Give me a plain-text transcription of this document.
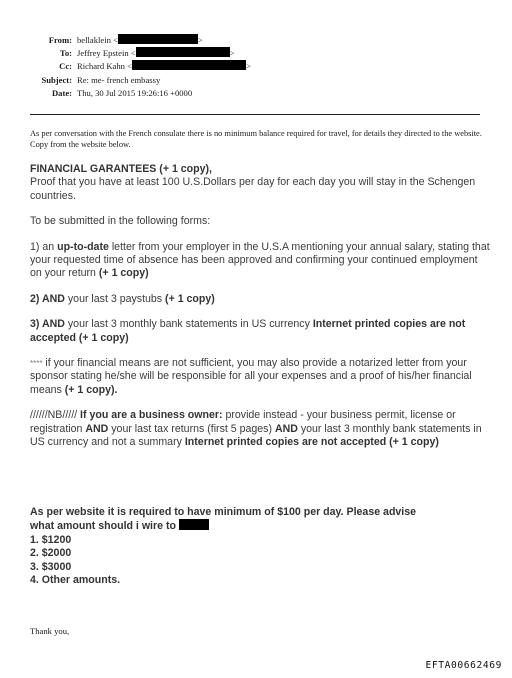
From: bellaklein <	>
To: Jeffrey Epstein <	>
Cc: Richard Kahn <	>
Subject: Re: me- french embassy
Date: Thu, 30 Jul 2015 19:26:16 +0000
As per conversation with the French consulate there is no minimum balance required for travel, for details they directed to the website. Copy from the website below.

FINANCIAL GARANTEES (+ 1 copy),
Proof that you have at least 100 U.S.Dollars per day for each day you will stay in the Schengen countries.

To be submitted in the following forms:

1) an up-to-date letter from your employer in the U.S.A mentioning your annual salary, stating that your requested time of absence has been approved and confirming your continued employment on your return (+ 1 copy)

2) AND your last 3 paystubs (+ 1 copy)

3) AND your last 3 monthly bank statements in US currency Internet printed copies are not accepted (+ 1 copy)

**** if your financial means are not sufficient, you may also provide a notarized letter from your sponsor stating he/she will be responsible for all your expenses and a proof of his/her financial means (+ 1 copy).

//////NB///// If you are a business owner: provide instead - your business permit, license or registration AND your last tax returns (first 5 pages) AND your last 3 monthly bank statements in US currency and not a summary Internet printed copies are not accepted (+ 1 copy)

As per website it is required to have minimum of $100 per day. Please advise
what amount should i wire to
1. $1200
2. $2000
3. $3000
4. Other amounts.
Thank you,
EFTA00662469
